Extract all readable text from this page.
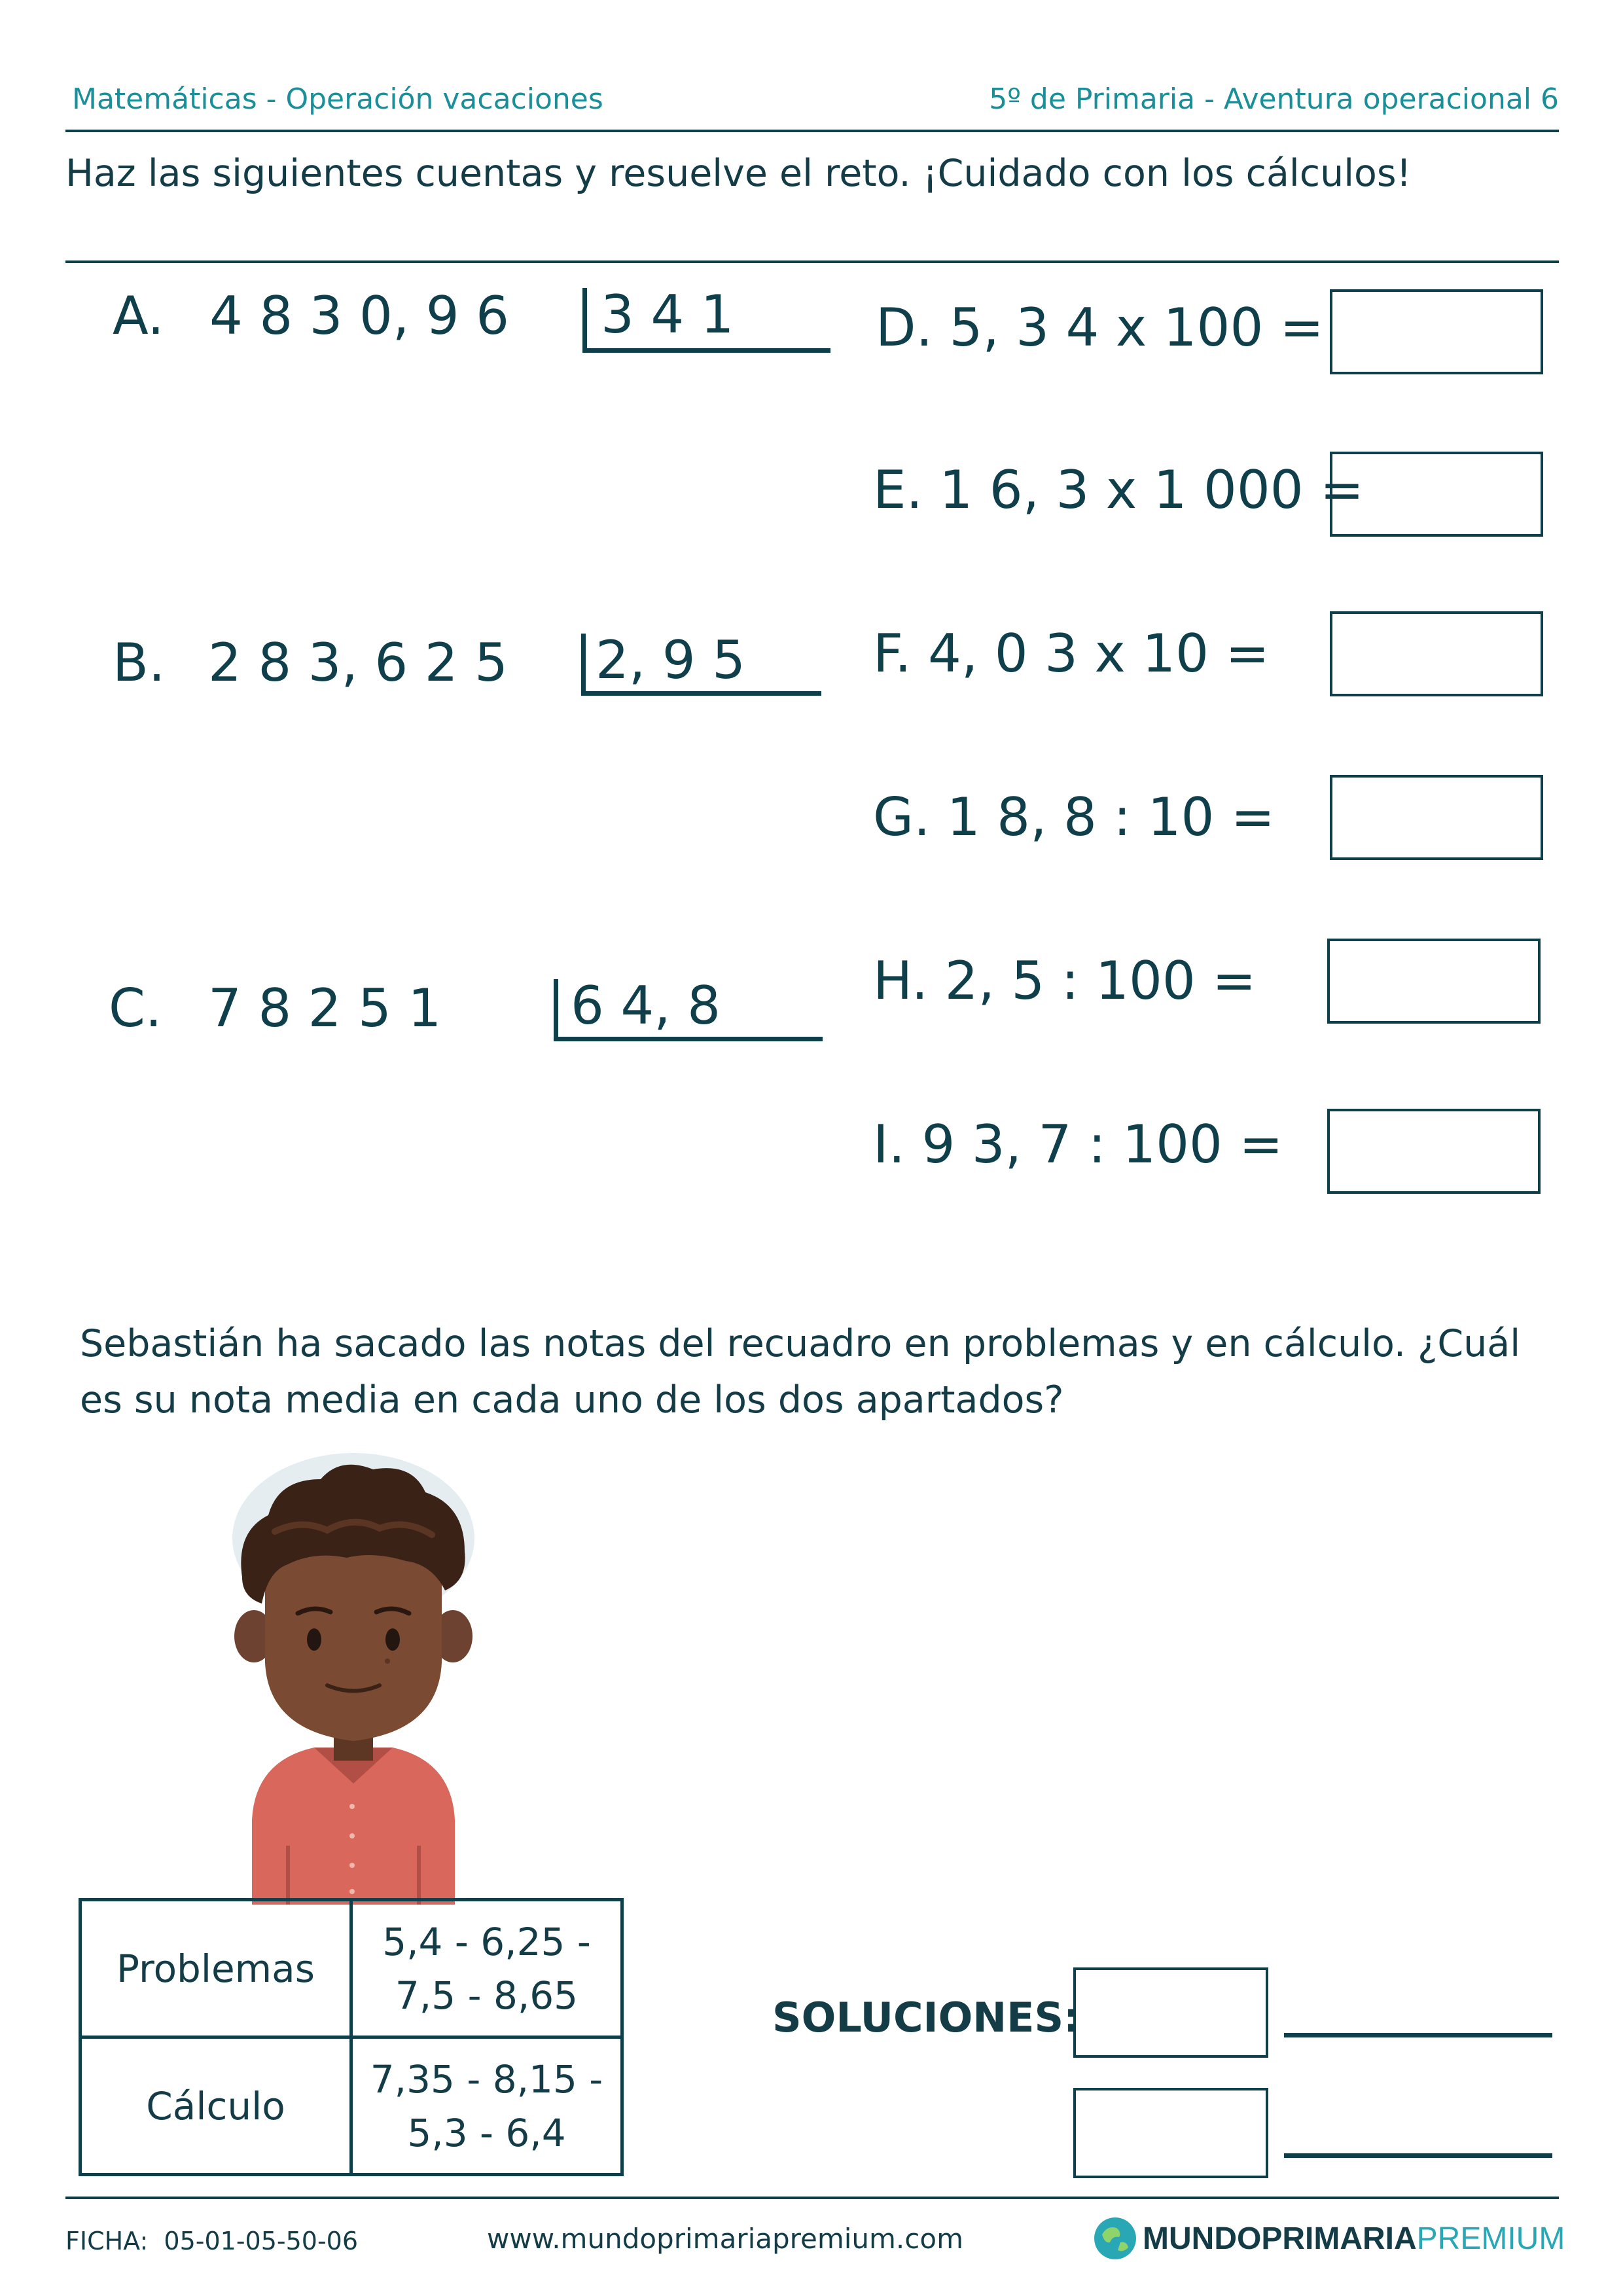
Matemáticas - Operación vacaciones	5º de Primaria - Aventura operacional 6
Haz las siguientes cuentas y resuelve el reto. ¡Cuidado con los cálculos!
A. 4 8 3 0, 9 6 3 4 1
B. 2 8 3, 6 2 5 2, 9 5
C. 7 8 2 5 1 6 4, 8
D. 5, 3 4 x 100 =
E. 1 6, 3 x 1 000 =
F. 4, 0 3 x 10 =
G. 1 8, 8 : 10 =
H. 2, 5 : 100 =
I. 9 3, 7 : 100 =
Sebastián ha sacado las notas del recuadro en problemas y en cálculo. ¿Cuál es su nota media en cada uno de los dos apartados?
Problemas	5,4 - 6,25 -
7,5 - 8,65

Cálculo	7,35 - 8,15 -
5,3 - 6,4
SOLUCIONES:
FICHA: 05-01-05-50-06	www.mundoprimariapremium.com	MUNDO PRIMARIA PREMIUM
